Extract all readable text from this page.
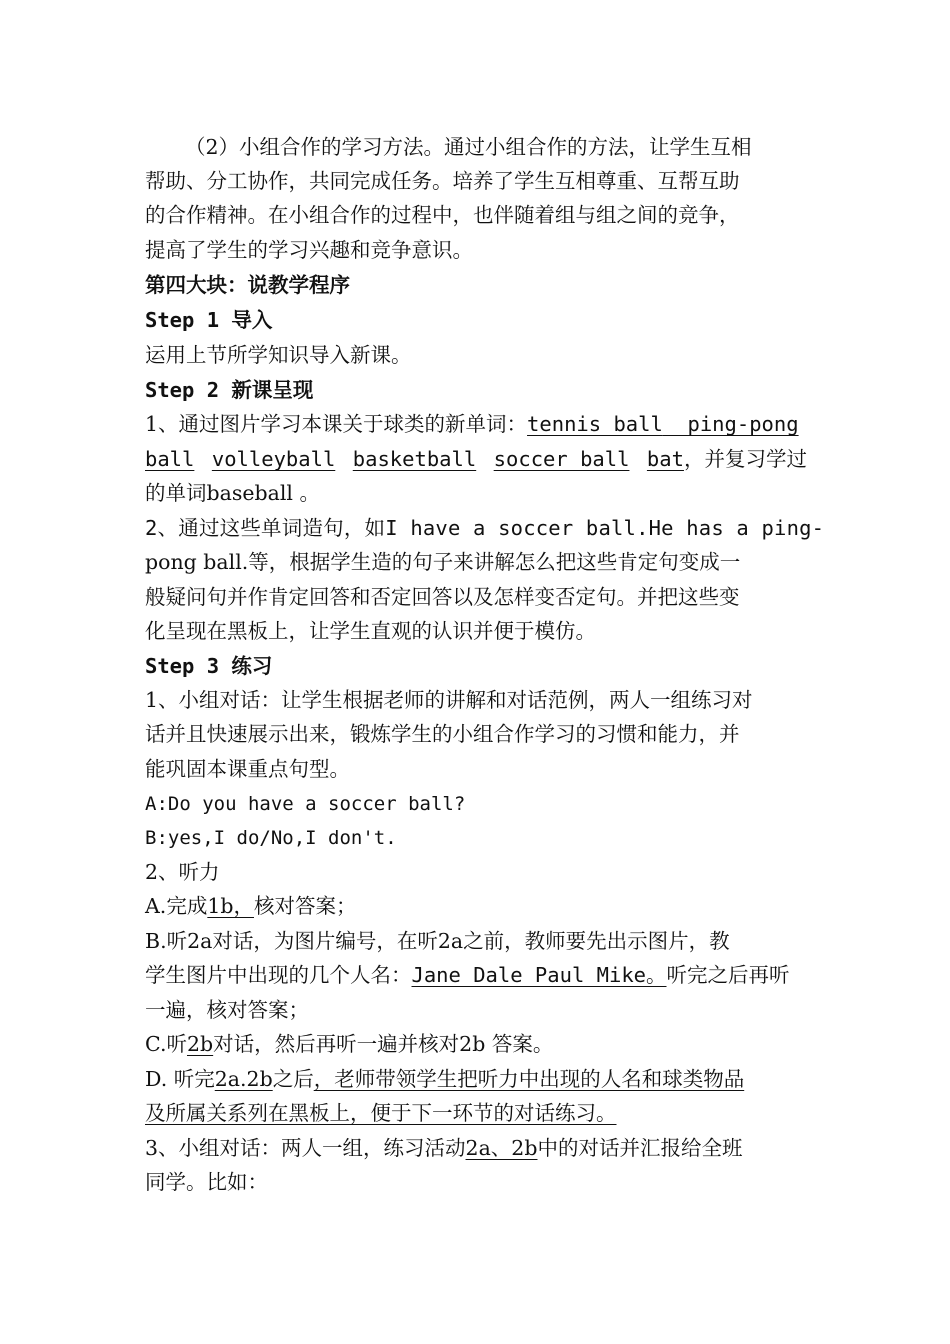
（2）小组合作的学习方法。通过小组合作的方法，让学生互相
帮助、分工协作，共同完成任务。培养了学生互相尊重、互帮互助
的合作精神。在小组合作的过程中，也伴随着组与组之间的竞争，
提高了学生的学习兴趣和竞争意识。
第四大块：说教学程序
Step 1 导入
运用上节所学知识导入新课。
Step 2 新课呈现
1、通过图片学习本课关于球类的新单词：tennis ball ping-pong
ball volleyball basketball soccer ball bat，并复习学过
的单词baseball 。
2、通过这些单词造句，如I have a soccer ball.He has a ping-
pong ball.等，根据学生造的句子来讲解怎么把这些肯定句变成一
般疑问句并作肯定回答和否定回答以及怎样变否定句。并把这些变
化呈现在黑板上，让学生直观的认识并便于模仿。
Step 3 练习
1、小组对话：让学生根据老师的讲解和对话范例，两人一组练习对
话并且快速展示出来，锻炼学生的小组合作学习的习惯和能力，并
能巩固本课重点句型。
A:Do you have a soccer ball?
B:yes,I do/No,I don't.
2、听力
A.完成1b，核对答案；
B.听2a对话，为图片编号，在听2a之前，教师要先出示图片，教
学生图片中出现的几个人名：Jane Dale Paul Mike。听完之后再听
一遍，核对答案；
C.听2b对话，然后再听一遍并核对2b 答案。
D. 听完2a.2b之后，老师带领学生把听力中出现的人名和球类物品
及所属关系列在黑板上，便于下一环节的对话练习。
3、小组对话：两人一组，练习活动2a、2b中的对话并汇报给全班
同学。比如：
